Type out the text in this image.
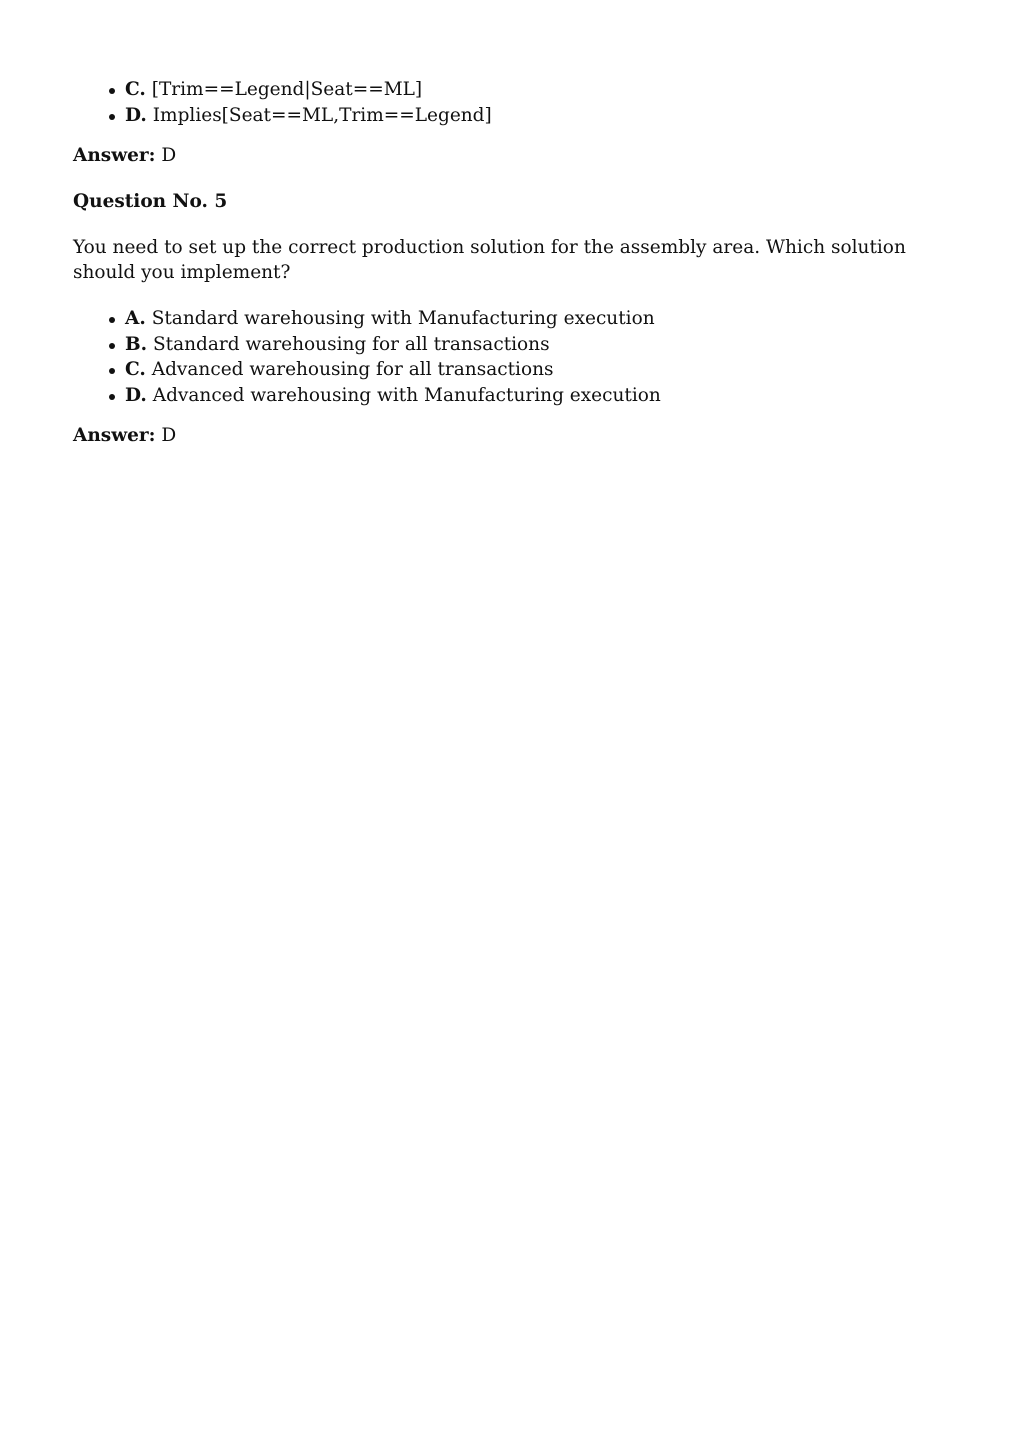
C. [Trim==Legend|Seat==ML]
D. Implies[Seat==ML,Trim==Legend]
Answer: D
Question No. 5
You need to set up the correct production solution for the assembly area. Which solution should you implement?
A. Standard warehousing with Manufacturing execution
B. Standard warehousing for all transactions
C. Advanced warehousing for all transactions
D. Advanced warehousing with Manufacturing execution
Answer: D
